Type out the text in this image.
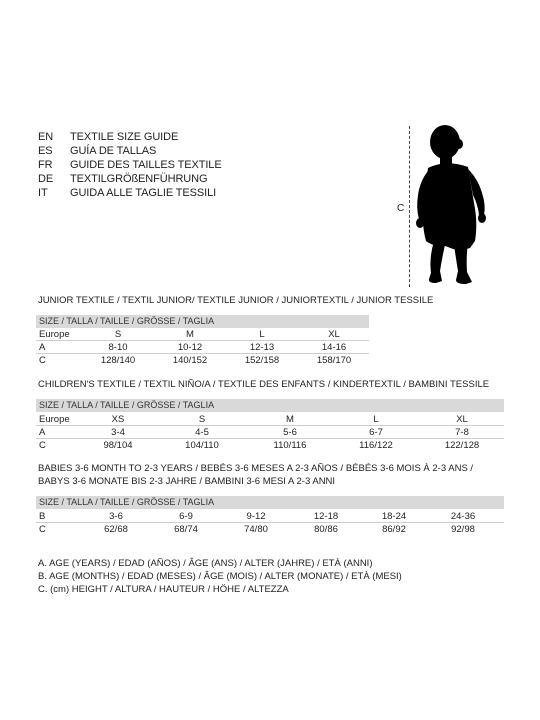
EN	TEXTILE SIZE GUIDE
ES	GUÍA DE TALLAS
FR	GUIDE DES TAILLES TEXTILE
DE	TEXTILGRÖßENFÜHRUNG
IT	GUIDA ALLE TAGLIE TESSILI
C
JUNIOR TEXTILE / TEXTIL JUNIOR/ TEXTILE JUNIOR / JUNIORTEXTIL / JUNIOR TESSILE
SIZE / TALLA / TAILLE / GRÖSSE / TAGLIA
Europe	S	M	L	XL
A	8-10	10-12	12-13	14-16
C	128/140	140/152	152/158	158/170
CHILDREN'S TEXTILE / TEXTIL NIÑO/A / TEXTILE DES ENFANTS / KINDERTEXTIL / BAMBINI TESSILE
SIZE / TALLA / TAILLE / GRÖSSE / TAGLIA
Europe	XS	S	M	L	XL
A	3-4	4-5	5-6	6-7	7-8
C	98/104	104/110	110/116	116/122	122/128
BABIES 3-6 MONTH TO 2-3 YEARS / BEBÉS 3-6 MESES A 2-3 AÑOS / BÉBÉS 3-6 MOIS À 2-3 ANS /
BABYS 3-6 MONATE BIS 2-3 JAHRE / BAMBINI 3-6 MESI A 2-3 ANNI
SIZE / TALLA / TAILLE / GRÖSSE / TAGLIA
B	3-6	6-9	9-12	12-18	18-24	24-36
C	62/68	68/74	74/80	80/86	86/92	92/98
A. AGE (YEARS) / EDAD (AÑOS) / ÂGE (ANS) / ALTER (JAHRE) / ETÀ (ANNI)
B. AGE (MONTHS) / EDAD (MESES) / ÂGE (MOIS) / ALTER (MONATE) / ETÀ (MESI)
C. (cm) HEIGHT / ALTURA / HAUTEUR / HÖHE / ALTEZZA
